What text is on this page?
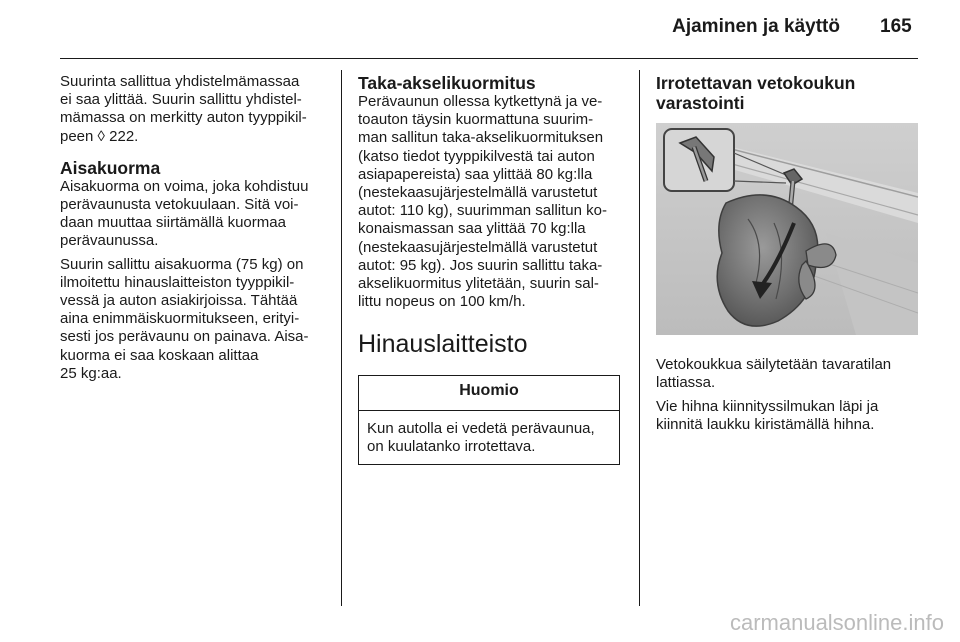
Ajaminen ja käyttö 165

Suurinta sallittua yhdistelmämassaa
ei saa ylittää. Suurin sallittu yhdistel-
mämassa on merkitty auton tyyppikil-
peen ◊ 222.

Aisakuorma

Aisakuorma on voima, joka kohdistuu
perävaunusta vetokuulaan. Sitä voi-
daan muuttaa siirtämällä kuormaa
perävaunussa.

Suurin sallittu aisakuorma (75 kg) on
ilmoitettu hinauslaitteiston tyyppikil-
vessä ja auton asiakirjoissa. Tähtää
aina enimmäiskuormitukseen, erityi-
sesti jos perävaunu on painava. Aisa-
kuorma ei saa koskaan alittaa
25 kg:aa.

Taka-akselikuormitus

Perävaunun ollessa kytkettynä ja ve-
toauton täysin kuormattuna suurim-
man sallitun taka-akselikuormituksen
(katso tiedot tyyppikilvestä tai auton
asiapapereista) saa ylittää 80 kg:lla
(nestekaasujärjestelmällä varustetut
autot: 110 kg), suurimman sallitun ko-
konaismassan saa ylittää 70 kg:lla
(nestekaasujärjestelmällä varustetut
autot: 95 kg). Jos suurin sallittu taka-
akselikuormitus ylitetään, suurin sal-
littu nopeus on 100 km/h.

Hinauslaitteisto
Huomio
Kun autolla ei vedetä perävaunua,
on kuulatanko irrotettava.
Irrotettavan vetokoukun
varastointi

Vetokoukkua säilytetään tavaratilan
lattiassa.

Vie hihna kiinnityssilmukan läpi ja
kiinnitä laukku kiristämällä hihna.

carmanualsonline.info
